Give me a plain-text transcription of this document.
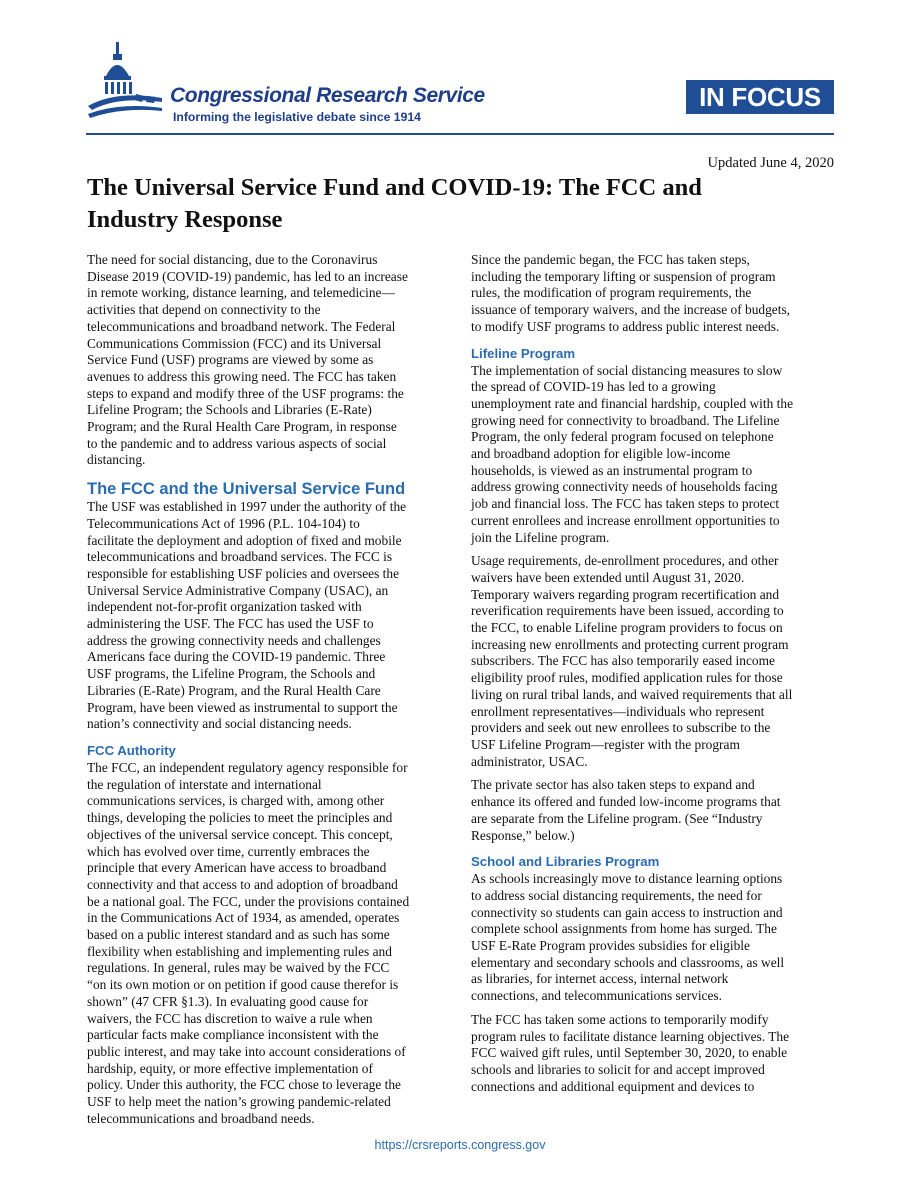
Congressional Research Service
Informing the legislative debate since 1914
IN FOCUS
Updated June 4, 2020
The Universal Service Fund and COVID-19: The FCC and
Industry Response

The need for social distancing, due to the Coronavirus
Disease 2019 (COVID-19) pandemic, has led to an increase
in remote working, distance learning, and telemedicine—
activities that depend on connectivity to the
telecommunications and broadband network. The Federal
Communications Commission (FCC) and its Universal
Service Fund (USF) programs are viewed by some as
avenues to address this growing need. The FCC has taken
steps to expand and modify three of the USF programs: the
Lifeline Program; the Schools and Libraries (E-Rate)
Program; and the Rural Health Care Program, in response
to the pandemic and to address various aspects of social
distancing.

The FCC and the Universal Service Fund

The USF was established in 1997 under the authority of the
Telecommunications Act of 1996 (P.L. 104-104) to
facilitate the deployment and adoption of fixed and mobile
telecommunications and broadband services. The FCC is
responsible for establishing USF policies and oversees the
Universal Service Administrative Company (USAC), an
independent not-for-profit organization tasked with
administering the USF. The FCC has used the USF to
address the growing connectivity needs and challenges
Americans face during the COVID-19 pandemic. Three
USF programs, the Lifeline Program, the Schools and
Libraries (E-Rate) Program, and the Rural Health Care
Program, have been viewed as instrumental to support the
nation’s connectivity and social distancing needs.

FCC Authority

The FCC, an independent regulatory agency responsible for
the regulation of interstate and international
communications services, is charged with, among other
things, developing the policies to meet the principles and
objectives of the universal service concept. This concept,
which has evolved over time, currently embraces the
principle that every American have access to broadband
connectivity and that access to and adoption of broadband
be a national goal. The FCC, under the provisions contained
in the Communications Act of 1934, as amended, operates
based on a public interest standard and as such has some
flexibility when establishing and implementing rules and
regulations. In general, rules may be waived by the FCC
“on its own motion or on petition if good cause therefor is
shown” (47 CFR §1.3). In evaluating good cause for
waivers, the FCC has discretion to waive a rule when
particular facts make compliance inconsistent with the
public interest, and may take into account considerations of
hardship, equity, or more effective implementation of
policy. Under this authority, the FCC chose to leverage the
USF to help meet the nation’s growing pandemic-related
telecommunications and broadband needs.

Since the pandemic began, the FCC has taken steps,
including the temporary lifting or suspension of program
rules, the modification of program requirements, the
issuance of temporary waivers, and the increase of budgets,
to modify USF programs to address public interest needs.

Lifeline Program

The implementation of social distancing measures to slow
the spread of COVID-19 has led to a growing
unemployment rate and financial hardship, coupled with the
growing need for connectivity to broadband. The Lifeline
Program, the only federal program focused on telephone
and broadband adoption for eligible low-income
households, is viewed as an instrumental program to
address growing connectivity needs of households facing
job and financial loss. The FCC has taken steps to protect
current enrollees and increase enrollment opportunities to
join the Lifeline program.

Usage requirements, de-enrollment procedures, and other
waivers have been extended until August 31, 2020.
Temporary waivers regarding program recertification and
reverification requirements have been issued, according to
the FCC, to enable Lifeline program providers to focus on
increasing new enrollments and protecting current program
subscribers. The FCC has also temporarily eased income
eligibility proof rules, modified application rules for those
living on rural tribal lands, and waived requirements that all
enrollment representatives—individuals who represent
providers and seek out new enrollees to subscribe to the
USF Lifeline Program—register with the program
administrator, USAC.

The private sector has also taken steps to expand and
enhance its offered and funded low-income programs that
are separate from the Lifeline program. (See “Industry
Response,” below.)

School and Libraries Program

As schools increasingly move to distance learning options
to address social distancing requirements, the need for
connectivity so students can gain access to instruction and
complete school assignments from home has surged. The
USF E-Rate Program provides subsidies for eligible
elementary and secondary schools and classrooms, as well
as libraries, for internet access, internal network
connections, and telecommunications services.

The FCC has taken some actions to temporarily modify
program rules to facilitate distance learning objectives. The
FCC waived gift rules, until September 30, 2020, to enable
schools and libraries to solicit for and accept improved
connections and additional equipment and devices to

https://crsreports.congress.gov
